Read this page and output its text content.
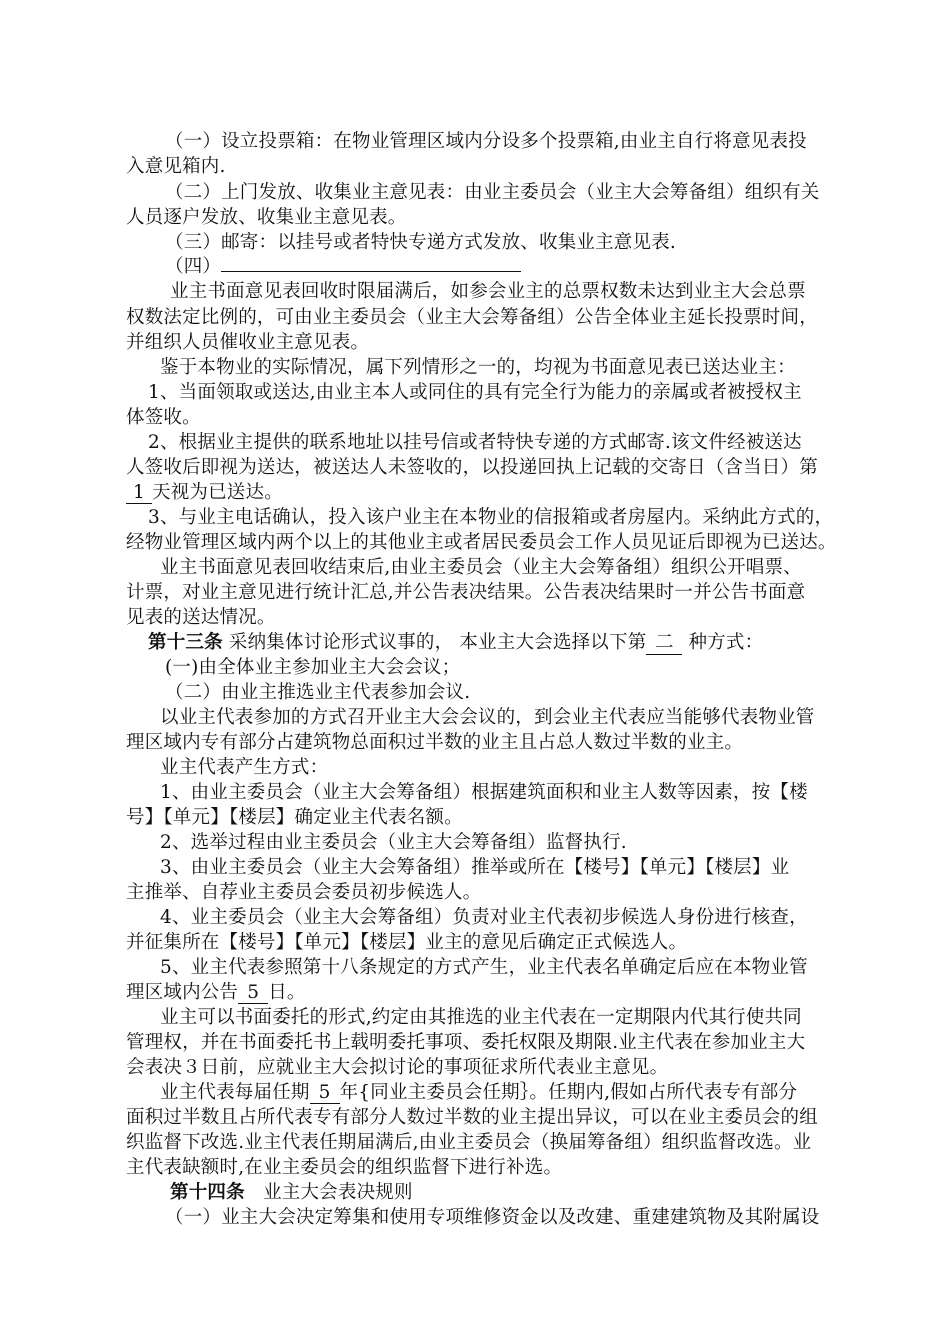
（一）设立投票箱：在物业管理区域内分设多个投票箱,由业主自行将意见表投
入意见箱内.
（二）上门发放、收集业主意见表：由业主委员会（业主大会筹备组）组织有关
人员逐户发放、收集业主意见表。
（三）邮寄：以挂号或者特快专递方式发放、收集业主意见表.
（四）
业主书面意见表回收时限届满后，如参会业主的总票权数未达到业主大会总票
权数法定比例的，可由业主委员会（业主大会筹备组）公告全体业主延长投票时间，
并组织人员催收业主意见表。
鉴于本物业的实际情况，属下列情形之一的，均视为书面意见表已送达业主：
1、当面领取或送达,由业主本人或同住的具有完全行为能力的亲属或者被授权主
体签收。
2、根据业主提供的联系地址以挂号信或者特快专递的方式邮寄.该文件经被送达
人签收后即视为送达，被送达人未签收的，以投递回执上记载的交寄日（含当日）第
1 天视为已送达。
3、与业主电话确认，投入该户业主在本物业的信报箱或者房屋内。采纳此方式的，
经物业管理区域内两个以上的其他业主或者居民委员会工作人员见证后即视为已送达。
业主书面意见表回收结束后,由业主委员会（业主大会筹备组）组织公开唱票、
计票，对业主意见进行统计汇总,并公告表决结果。公告表决结果时一并公告书面意
见表的送达情况。
第十三条 采纳集体讨论形式议事的， 本业主大会选择以下第 二 种方式：
(一)由全体业主参加业主大会会议；
（二）由业主推选业主代表参加会议.
以业主代表参加的方式召开业主大会会议的，到会业主代表应当能够代表物业管
理区域内专有部分占建筑物总面积过半数的业主且占总人数过半数的业主。
业主代表产生方式：
1、由业主委员会（业主大会筹备组）根据建筑面积和业主人数等因素，按【楼
号】【单元】【楼层】确定业主代表名额。
2、选举过程由业主委员会（业主大会筹备组）监督执行.
3、由业主委员会（业主大会筹备组）推举或所在【楼号】【单元】【楼层】业
主推举、自荐业主委员会委员初步候选人。
4、业主委员会（业主大会筹备组）负责对业主代表初步候选人身份进行核查，
并征集所在【楼号】【单元】【楼层】业主的意见后确定正式候选人。
5、业主代表参照第十八条规定的方式产生，业主代表名单确定后应在本物业管
理区域内公告 5 日。
业主可以书面委托的形式,约定由其推选的业主代表在一定期限内代其行使共同
管理权，并在书面委托书上载明委托事项、委托权限及期限.业主代表在参加业主大
会表决３日前，应就业主大会拟讨论的事项征求所代表业主意见。
业主代表每届任期 5 年{同业主委员会任期｝。任期内,假如占所代表专有部分
面积过半数且占所代表专有部分人数过半数的业主提出异议，可以在业主委员会的组
织监督下改选.业主代表任期届满后,由业主委员会（换届筹备组）组织监督改选。业
主代表缺额时,在业主委员会的组织监督下进行补选。
第十四条 业主大会表决规则
（一）业主大会决定筹集和使用专项维修资金以及改建、重建建筑物及其附属设
